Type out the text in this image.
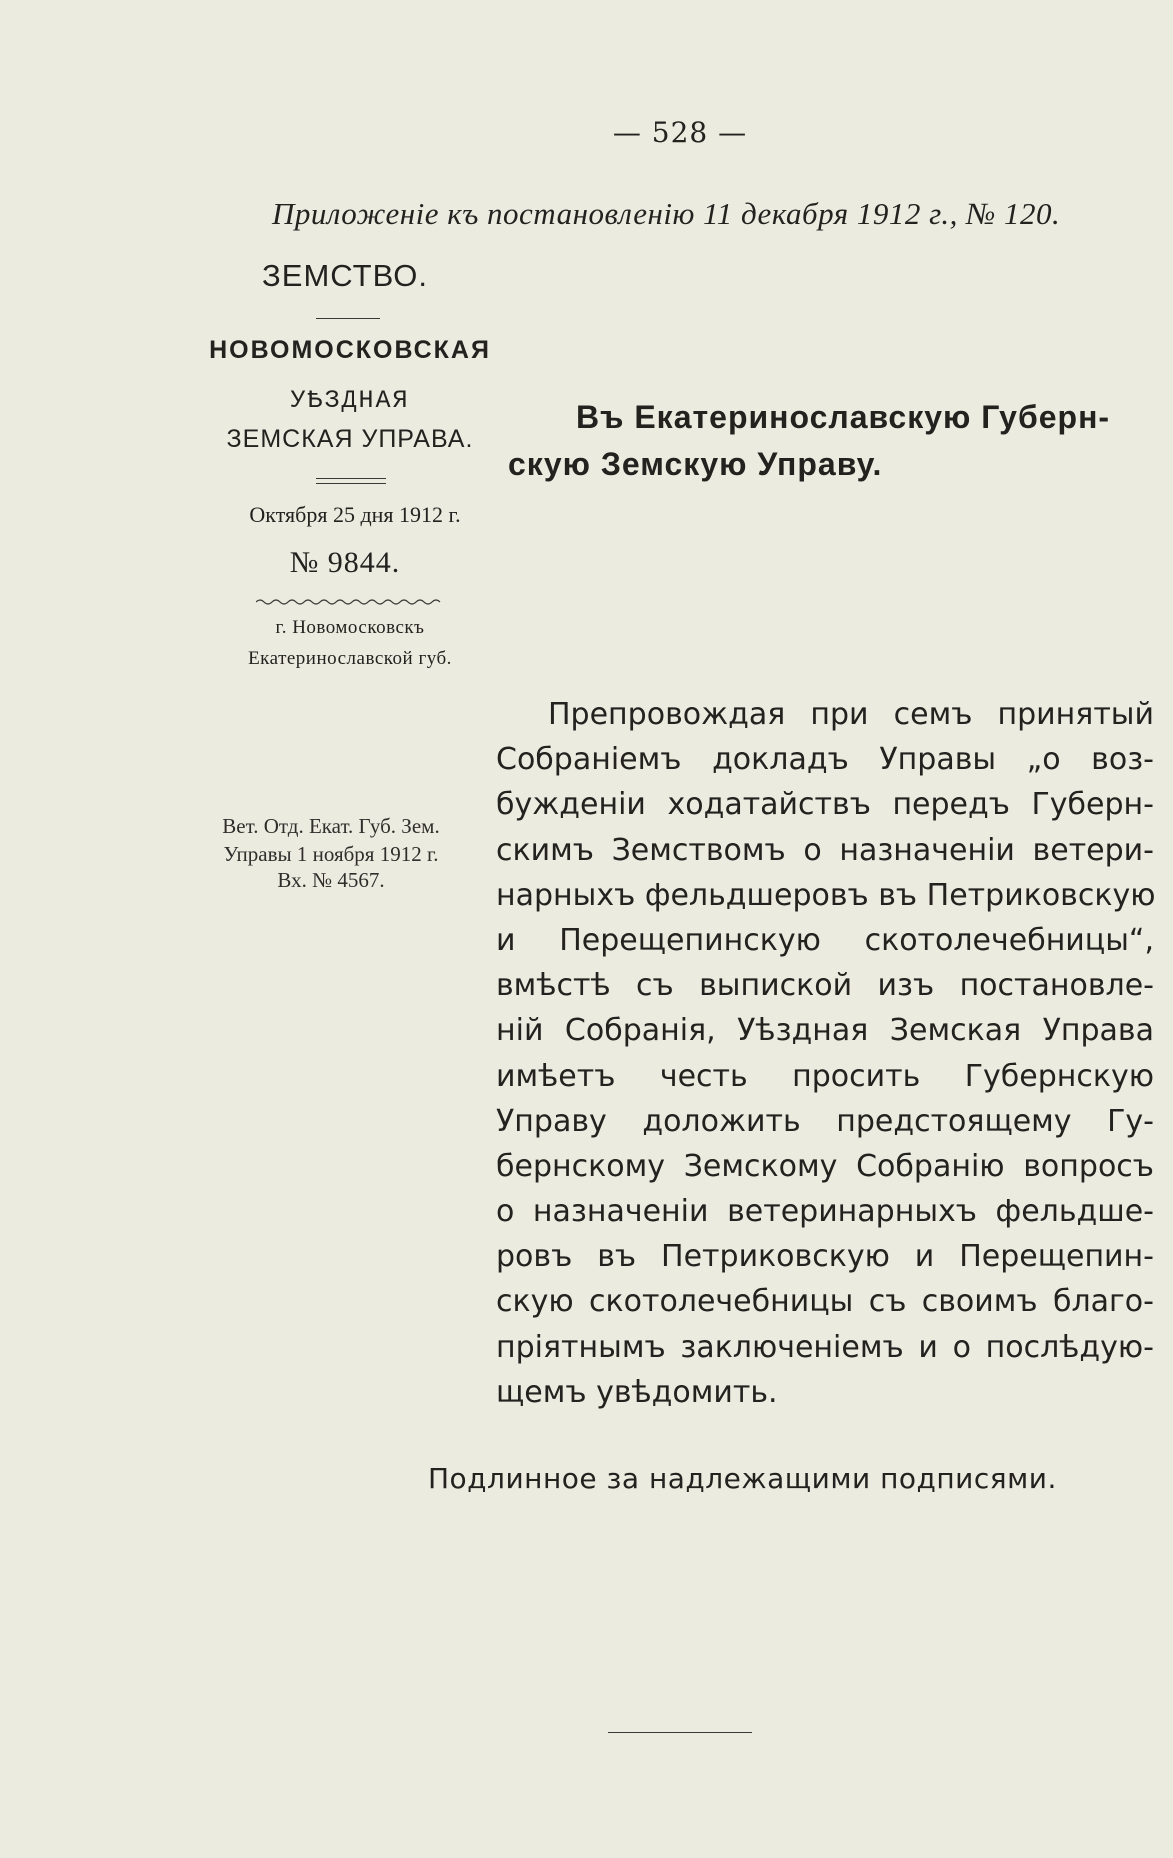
— 528 —
Приложеніе къ постановленію 11 декабря 1912 г., № 120.
ЗЕМСТВО.
НОВОМОСКОВСКАЯ
УѢЗДНАЯ
ЗЕМСКАЯ УПРАВА.
Октября 25 дня 1912 г.
№ 9844.
г. Новомосковскъ
Екатеринославской губ.
Вет. Отд. Екат. Губ. Зем.
Управы 1 ноября 1912 г.
Вх. № 4567.
Въ Екатеринославскую Губерн-
скую Земскую Управу.
Препровождая при семъ принятый
Собраніемъ докладъ Управы „о воз-
бужденіи ходатайствъ передъ Губерн-
скимъ Земствомъ о назначеніи ветери-
нарныхъ фельдшеровъ въ Петриковскую
и Перещепинскую скотолечебницы“,
вмѣстѣ съ выпиской изъ постановле-
ній Собранія, Уѣздная Земская Управа
имѣетъ честь просить Губернскую
Управу доложить предстоящему Гу-
бернскому Земскому Собранію вопросъ
о назначеніи ветеринарныхъ фельдше-
ровъ въ Петриковскую и Перещепин-
скую скотолечебницы съ своимъ благо-
пріятнымъ заключеніемъ и о послѣдую-
щемъ увѣдомить.
Подлинное за надлежащими подписями.
